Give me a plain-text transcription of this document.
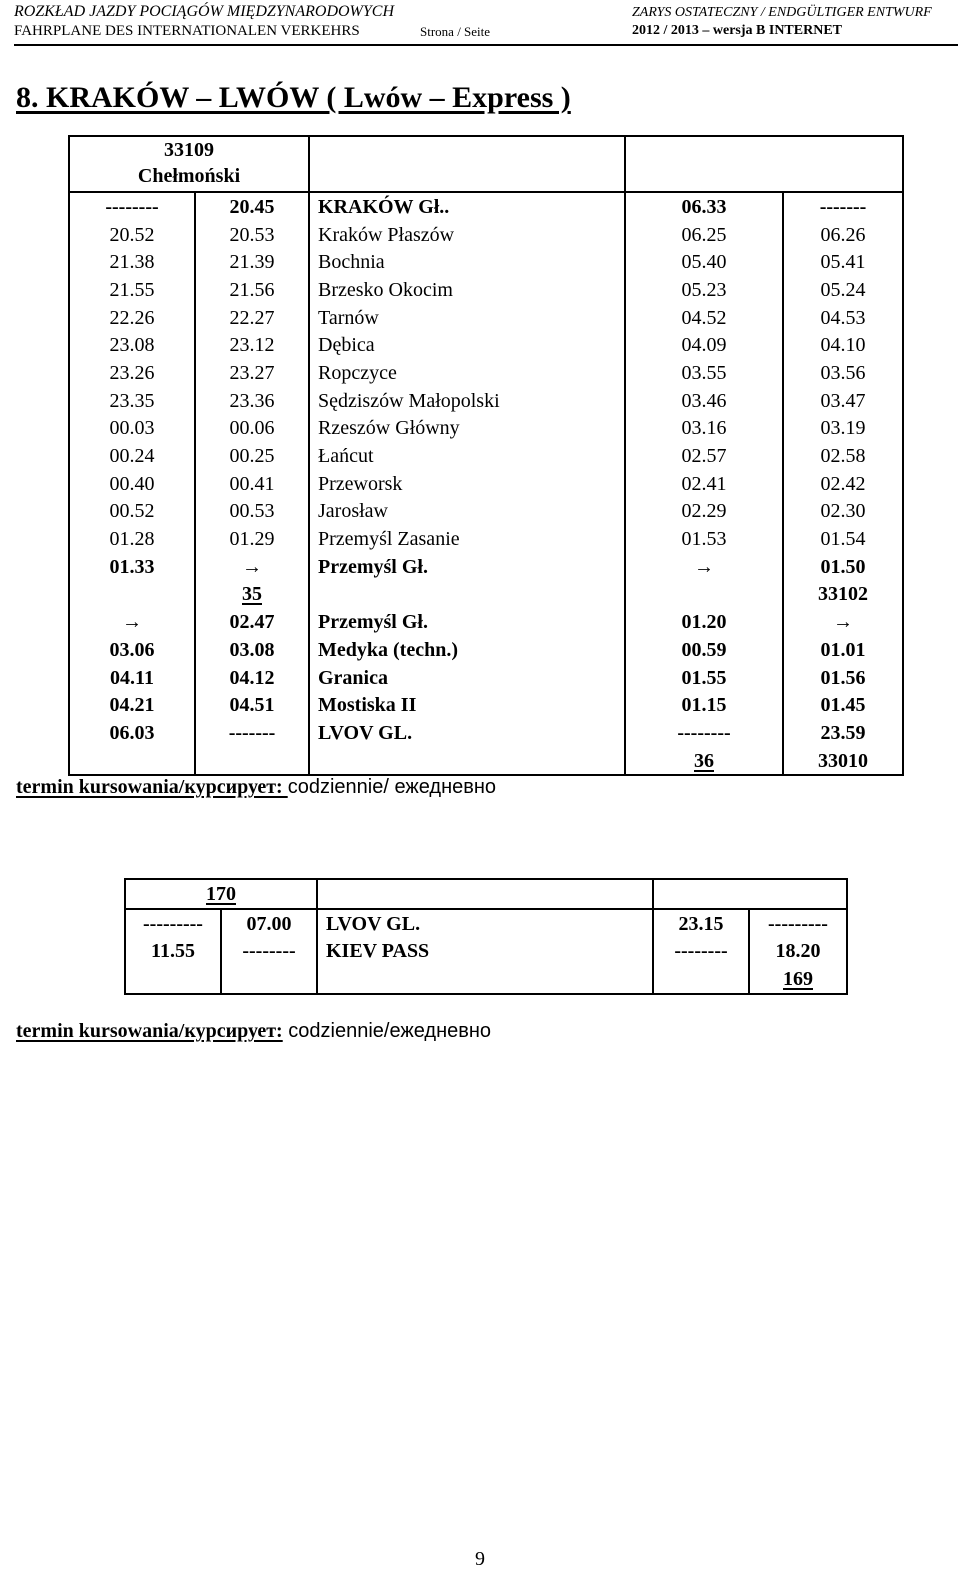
ROZKŁAD JAZDY POCIĄGÓW MIĘDZYNARODOWYCH
FAHRPLANE DES INTERNATIONALEN VERKEHRS	Strona / Seite
ZARYS OSTATECZNY / ENDGÜLTIGER ENTWURF
2012 / 2013 – wersja B INTERNET
8. KRAKÓW – LWÓW ( Lwów – Express )
33109
Chełmoński				

--------	20.45	KRAKÓW Gł..	06.33	-------
20.52	20.53	Kraków Płaszów	06.25	06.26
21.38	21.39	Bochnia	05.40	05.41
21.55	21.56	Brzesko Okocim	05.23	05.24
22.26	22.27	Tarnów	04.52	04.53
23.08	23.12	Dębica	04.09	04.10
23.26	23.27	Ropczyce	03.55	03.56
23.35	23.36	Sędziszów Małopolski	03.46	03.47
00.03	00.06	Rzeszów Główny	03.16	03.19
00.24	00.25	Łańcut	02.57	02.58
00.40	00.41	Przeworsk	02.41	02.42
00.52	00.53	Jarosław	02.29	02.30
01.28	01.29	Przemyśl Zasanie	01.53	01.54
01.33	→	Przemyśl Gł.	→	01.50
	35			33102
→	02.47	Przemyśl Gł.	01.20	→
03.06	03.08	Medyka (techn.)	00.59	01.01
04.11	04.12	Granica	01.55	01.56
04.21	04.51	Mostiska II	01.15	01.45
06.03	-------	LVOV GL.	--------	23.59
			36	33010
termin kursowania/курсирует: codziennie/ ежедневно
170				
---------	07.00	LVOV GL.	23.15	---------
11.55	--------	KIEV PASS	--------	18.20
				169
termin kursowania/курсирует: codziennie/ежедневно
9
